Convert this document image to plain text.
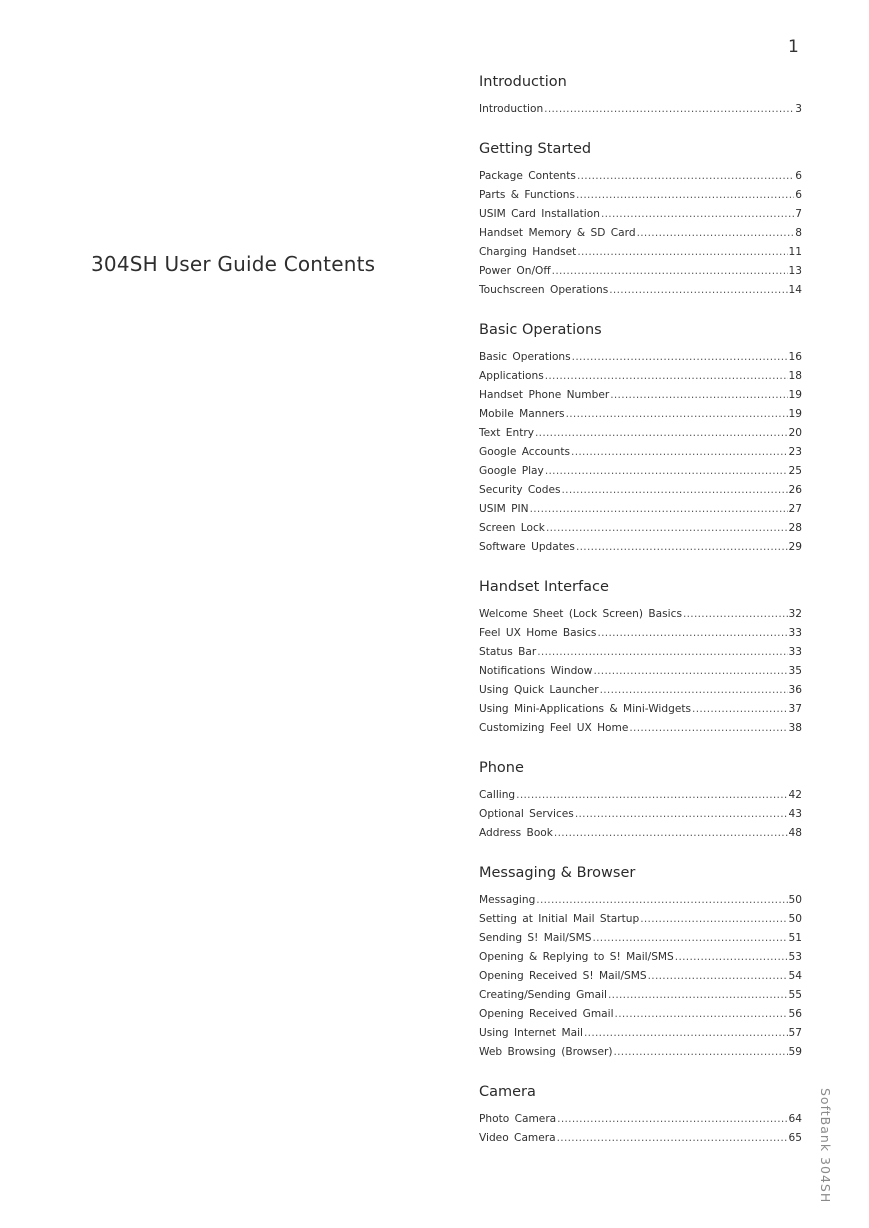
1
304SH User Guide Contents
SoftBank 304SH
Introduction
Introduction .....	3
Getting Started
Package Contents .....	6
Parts & Functions .....	6
USIM Card Installation .....	7
Handset Memory & SD Card .....	8
Charging Handset .....	11
Power On/Off .....	13
Touchscreen Operations .....	14
Basic Operations
Basic Operations .....	16
Applications .....	18
Handset Phone Number .....	19
Mobile Manners .....	19
Text Entry .....	20
Google Accounts .....	23
Google Play .....	25
Security Codes .....	26
USIM PIN .....	27
Screen Lock .....	28
Software Updates .....	29
Handset Interface
Welcome Sheet (Lock Screen) Basics .....	32
Feel UX Home Basics .....	33
Status Bar .....	33
Notifications Window .....	35
Using Quick Launcher .....	36
Using Mini-Applications & Mini-Widgets .....	37
Customizing Feel UX Home .....	38
Phone
Calling .....	42
Optional Services .....	43
Address Book .....	48
Messaging & Browser
Messaging .....	50
Setting at Initial Mail Startup .....	50
Sending S! Mail/SMS .....	51
Opening & Replying to S! Mail/SMS .....	53
Opening Received S! Mail/SMS .....	54
Creating/Sending Gmail .....	55
Opening Received Gmail .....	56
Using Internet Mail .....	57
Web Browsing (Browser) .....	59
Camera
Photo Camera .....	64
Video Camera .....	65
